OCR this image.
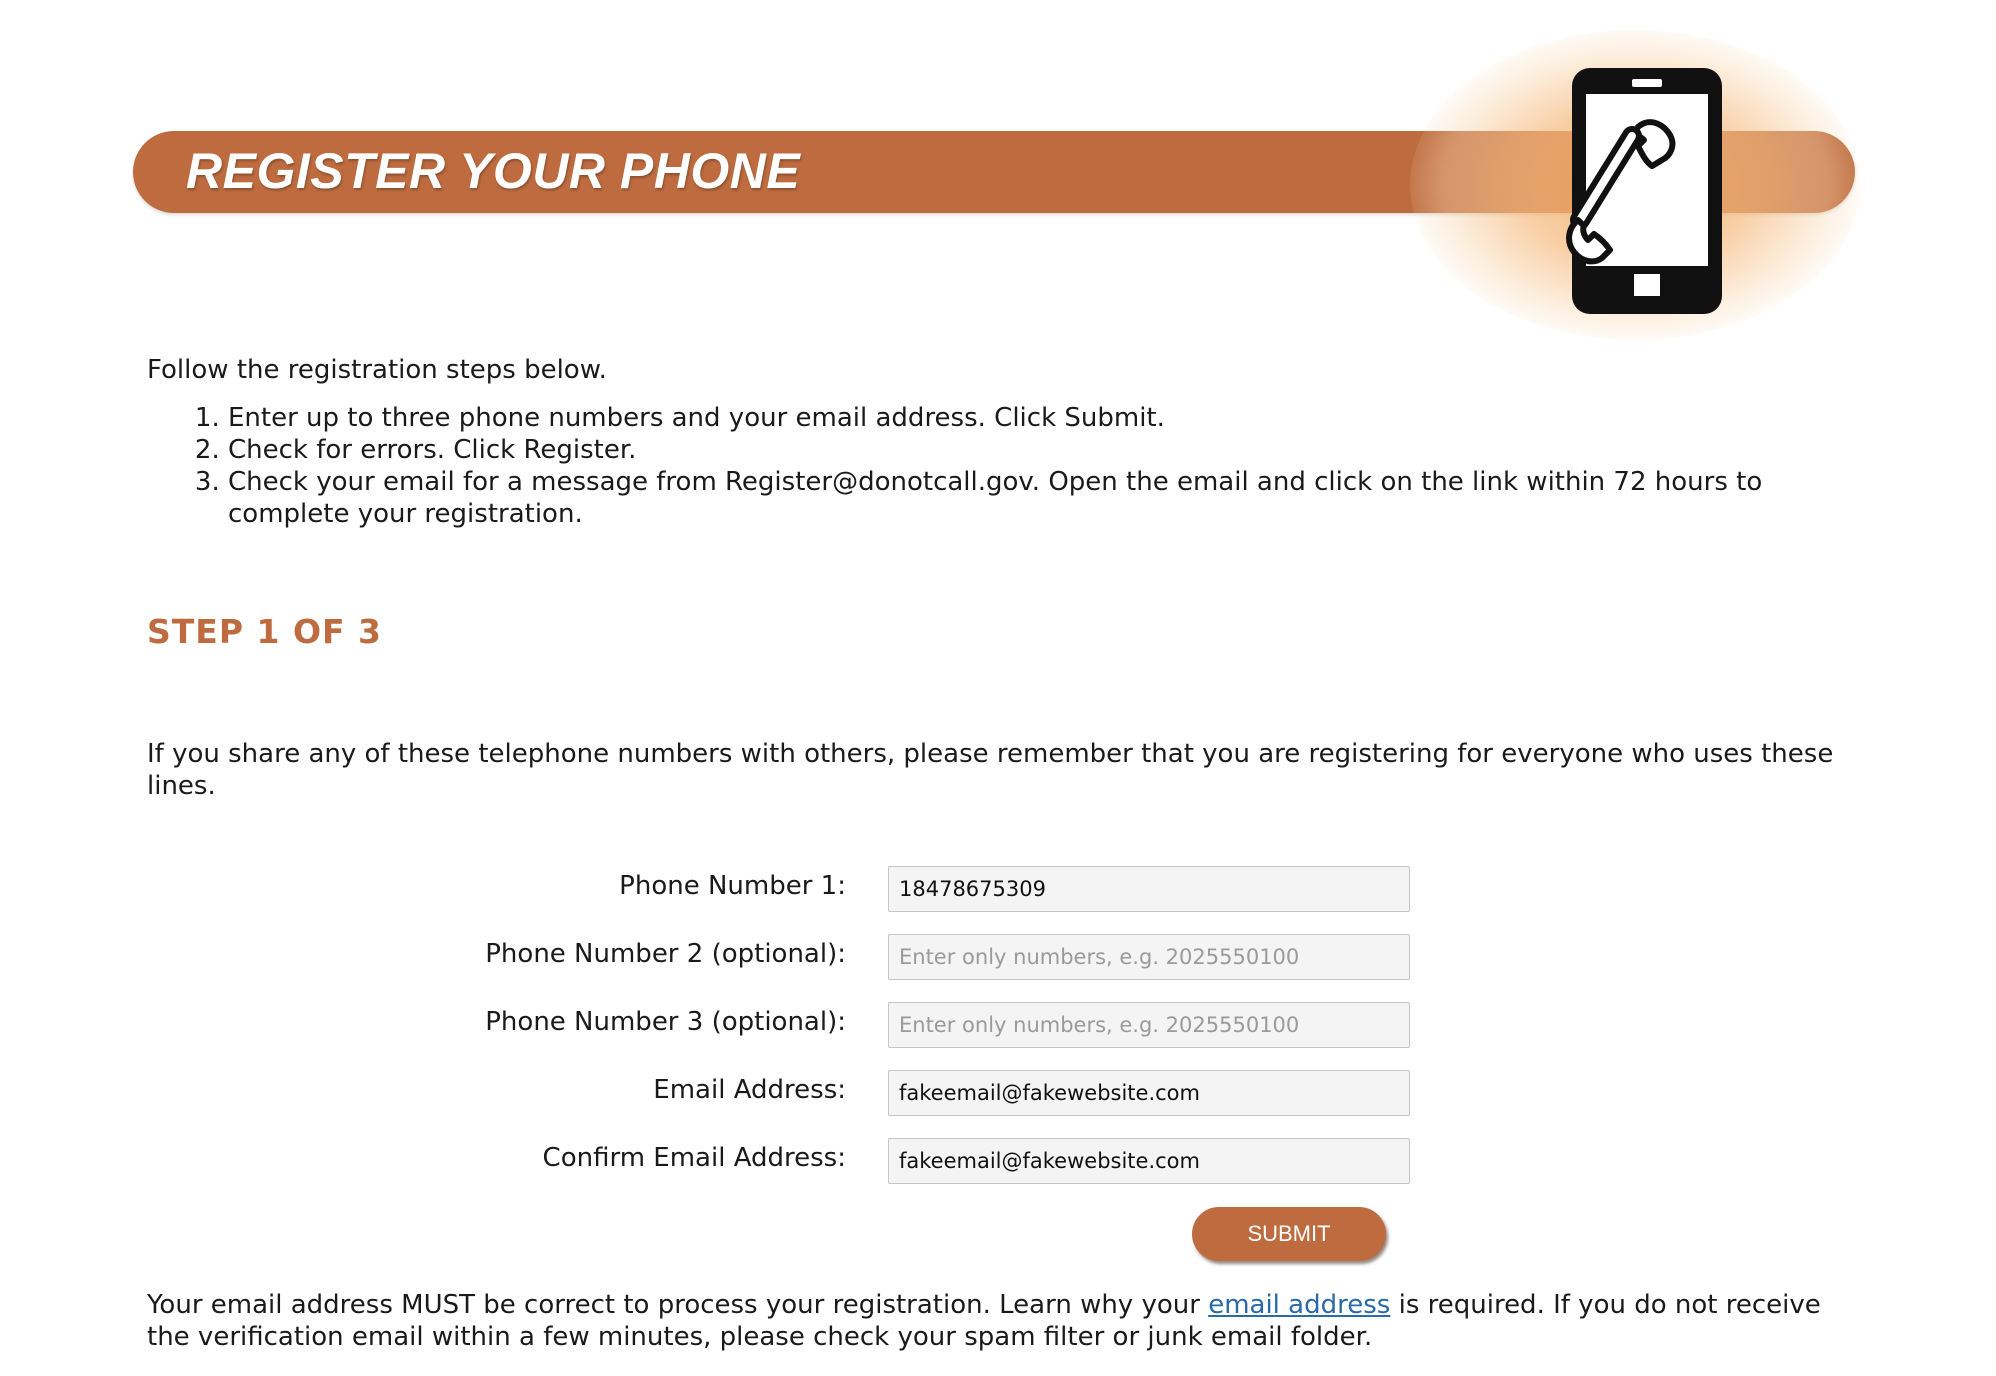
REGISTER YOUR PHONE

Follow the registration steps below.

1. Enter up to three phone numbers and your email address. Click Submit.
2. Check for errors. Click Register.
3. Check your email for a message from Register@donotcall.gov. Open the email and click on the link within 72 hours to complete your registration.
STEP 1 OF 3

If you share any of these telephone numbers with others, please remember that you are registering for everyone who uses these lines.

Phone Number 1:
18478675309
Phone Number 2 (optional):
Enter only numbers, e.g. 2025550100
Phone Number 3 (optional):
Enter only numbers, e.g. 2025550100
Email Address:
fakeemail@fakewebsite.com
Confirm Email Address:
fakeemail@fakewebsite.com
SUBMIT

Your email address MUST be correct to process your registration. Learn why your email address is required. If you do not receive the verification email within a few minutes, please check your spam filter or junk email folder.
